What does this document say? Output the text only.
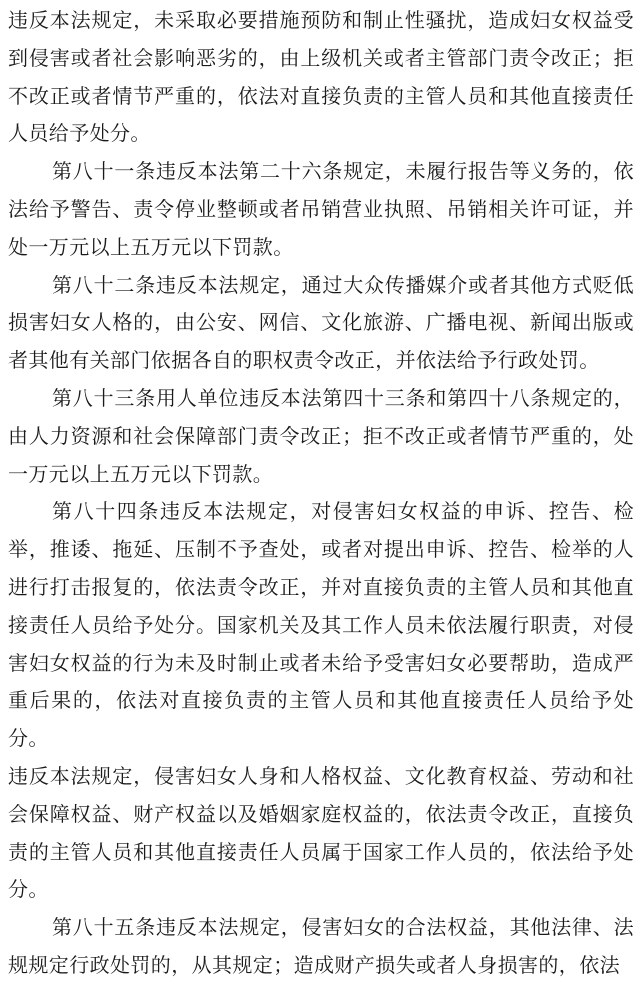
违反本法规定，未采取必要措施预防和制止性骚扰，造成妇女权益受到侵害或者社会影响恶劣的，由上级机关或者主管部门责令改正；拒不改正或者情节严重的，依法对直接负责的主管人员和其他直接责任人员给予处分。

第八十一条违反本法第二十六条规定，未履行报告等义务的，依法给予警告、责令停业整顿或者吊销营业执照、吊销相关许可证，并处一万元以上五万元以下罚款。

第八十二条违反本法规定，通过大众传播媒介或者其他方式贬低损害妇女人格的，由公安、网信、文化旅游、广播电视、新闻出版或者其他有关部门依据各自的职权责令改正，并依法给予行政处罚。

第八十三条用人单位违反本法第四十三条和第四十八条规定的，由人力资源和社会保障部门责令改正；拒不改正或者情节严重的，处一万元以上五万元以下罚款。

第八十四条违反本法规定，对侵害妇女权益的申诉、控告、检举，推诿、拖延、压制不予查处，或者对提出申诉、控告、检举的人进行打击报复的，依法责令改正，并对直接负责的主管人员和其他直接责任人员给予处分。国家机关及其工作人员未依法履行职责，对侵害妇女权益的行为未及时制止或者未给予受害妇女必要帮助，造成严重后果的，依法对直接负责的主管人员和其他直接责任人员给予处分。

违反本法规定，侵害妇女人身和人格权益、文化教育权益、劳动和社会保障权益、财产权益以及婚姻家庭权益的，依法责令改正，直接负责的主管人员和其他直接责任人员属于国家工作人员的，依法给予处分。

第八十五条违反本法规定，侵害妇女的合法权益，其他法律、法规规定行政处罚的，从其规定；造成财产损失或者人身损害的，依法
